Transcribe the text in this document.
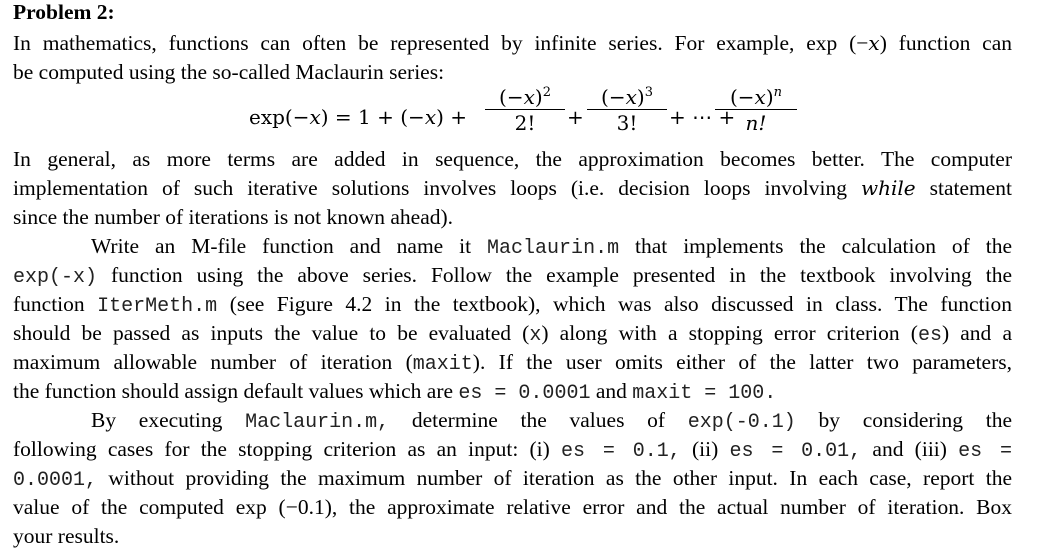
Problem 2:
In mathematics, functions can often be represented by infinite series. For example, exp (−x) function can
be computed using the so-called Maclaurin series:
$\exp(-x) = 1 + (-x) + \frac{(-x)^2}{2!} + \frac{(-x)^3}{3!}$ + ⋯ +
$\frac{(-x)^n}{n!}$
In general, as more terms are added in sequence, the approximation becomes better. The computer
implementation of such iterative solutions involves loops (i.e. decision loops involving while statement
since the number of iterations is not known ahead).
Write an M-file function and name it Maclaurin.m that implements the calculation of the
exp(-x) function using the above series. Follow the example presented in the textbook involving the
function IterMeth.m (see Figure 4.2 in the textbook), which was also discussed in class. The function
should be passed as inputs the value to be evaluated (x) along with a stopping error criterion (es) and a
maximum allowable number of iteration (maxit). If the user omits either of the latter two parameters,
the function should assign default values which are es = 0.0001 and maxit = 100.
By executing Maclaurin.m, determine the values of exp(-0.1) by considering the
following cases for the stopping criterion as an input: (i) es = 0.1, (ii) es = 0.01, and (iii) es =
0.0001, without providing the maximum number of iteration as the other input. In each case, report the
value of the computed exp (−0.1), the approximate relative error and the actual number of iteration. Box
your results.
